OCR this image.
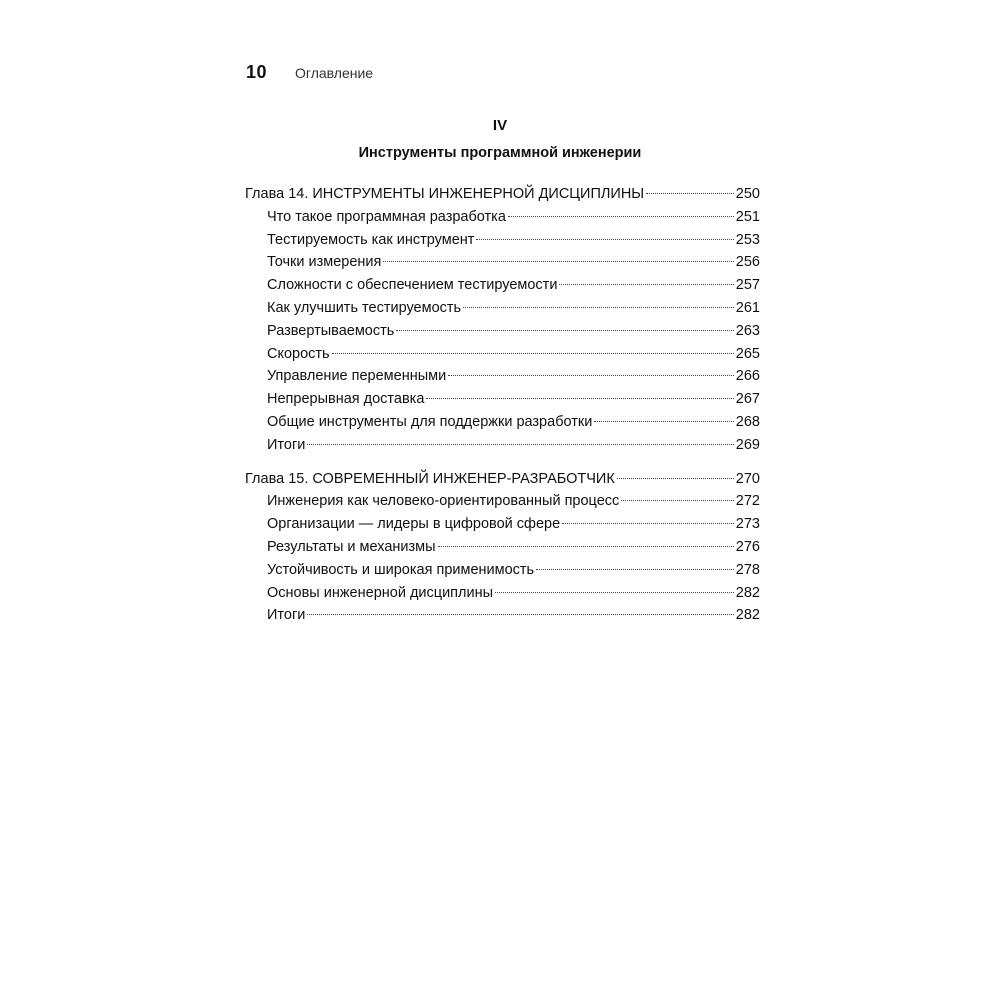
10 Оглавление
IV
Инструменты программной инженерии
Глава 14. ИНСТРУМЕНТЫ ИНЖЕНЕРНОЙ ДИСЦИПЛИНЫ	250
Что такое программная разработка	251
Тестируемость как инструмент	253
Точки измерения	256
Сложности с обеспечением тестируемости	257
Как улучшить тестируемость	261
Развертываемость	263
Скорость	265
Управление переменными	266
Непрерывная доставка	267
Общие инструменты для поддержки разработки	268
Итоги	269
Глава 15. СОВРЕМЕННЫЙ ИНЖЕНЕР-РАЗРАБОТЧИК	270
Инженерия как человеко-ориентированный процесс	272
Организации — лидеры в цифровой сфере	273
Результаты и механизмы	276
Устойчивость и широкая применимость	278
Основы инженерной дисциплины	282
Итоги	282
